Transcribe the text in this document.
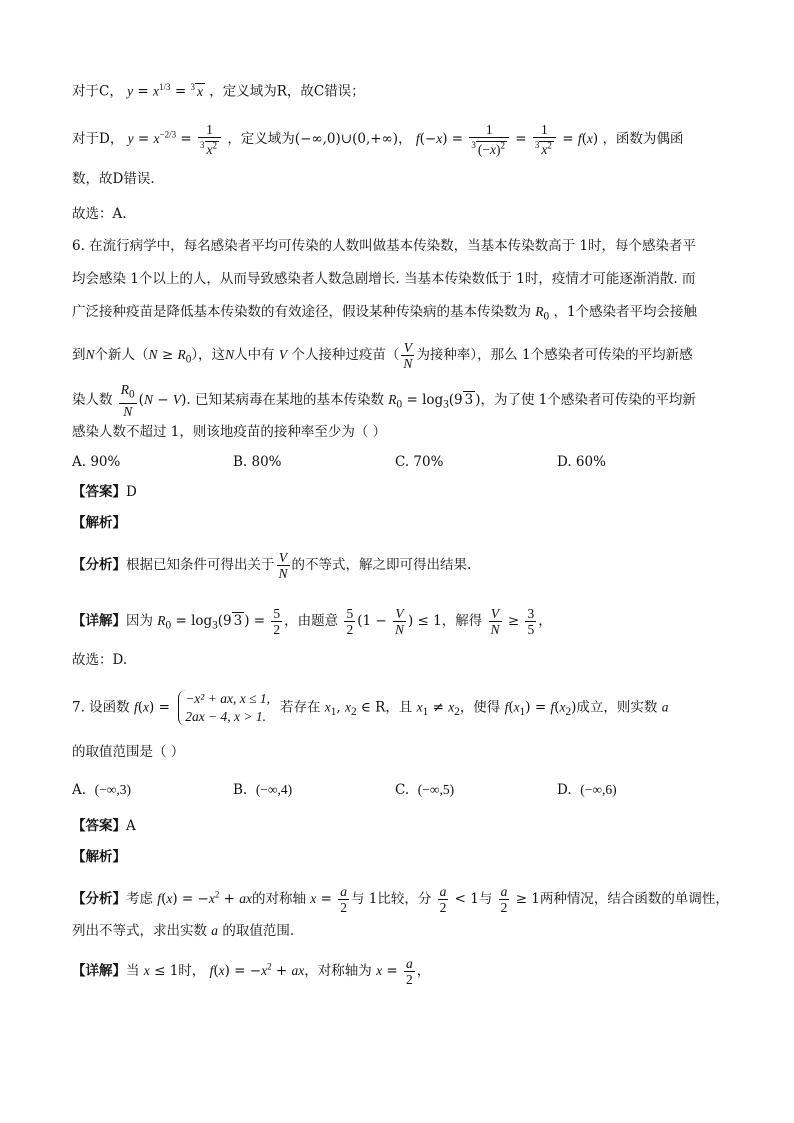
对于C， $y = x^{1/3} = ^3$ x ，定义域为R，故C错误；
对于D， $y = x^{-2/3} = \frac{1}{^3 x^2}$ ，定义域为(−∞,0)∪(0,+∞)， $f(-x) = \frac{1}{^3 (-x)^2} = \frac{1}{^3 x^2} = f(x)$ ，函数为偶函
数，故D错误.
故选：A.
6. 在流行病学中，每名感染者平均可传染的人数叫做基本传染数，当基本传染数高于 1时，每个感染者平
均会感染 1个以上的人，从而导致感染者人数急剧增长. 当基本传染数低于 1时，疫情才可能逐渐消散. 而
广泛接种疫苗是降低基本传染数的有效途径，假设某种传染病的基本传染数为 $R_0$ ，1个感染者平均会接触
到N个新人$(N \ge R_0)$，这N人中有 V 个人接种过疫苗（ $\frac{V}{N}$ 为接种率），那么 1个感染者可传染的平均新感
染人数 $\frac{R_0}{N} (N - V)$. 已知某病毒在某地的基本传染数 $R_0 = \log_3(9$ 3 )，为了使 1个感染者可传染的平均新
感染人数不超过 1，则该地疫苗的接种率至少为（ ）
A. 90%	B. 80%	C. 70%	D. 60%
【答案】D
【解析】
【分析】根据已知条件可得出关于 $\frac{V}{N}$ 的不等式，解之即可得出结果.
【详解】因为 $R_0 = \log_3(9$ 3 ) = $\frac{5}{2}$ ，由题意 $\frac{5}{2} (1 - \frac{V}{N}$ ) ≤ 1，解得 $\frac{V}{N} \ge \frac{3}{5}$ ，
故选：D.
7. 设函数 f(x) =
−x² + ax, x ≤ 1,
2ax − 4, x > 1.
若存在 $x_1$, $x_2$ ∈ R，且 $x_1 \ne x_2$，使得 $f(x_1) = f(x_2)$成立，则实数 a
的取值范围是（ ）
A. (−∞,3)	B. (−∞,4)	C. (−∞,5)	D. (−∞,6)
【答案】A
【解析】
【分析】考虑 $f(x) = -x^2$ + ax的对称轴 $x = \frac{a}{2}$ 与 1比较，分 $\frac{a}{2} < 1$与 $\frac{a}{2} \ge 1$两种情况，结合函数的单调性，
列出不等式，求出实数 a 的取值范围.
【详解】当 x ≤ 1时， $f(x) = -x^2$ + ax，对称轴为 $x = \frac{a}{2}$ ，
